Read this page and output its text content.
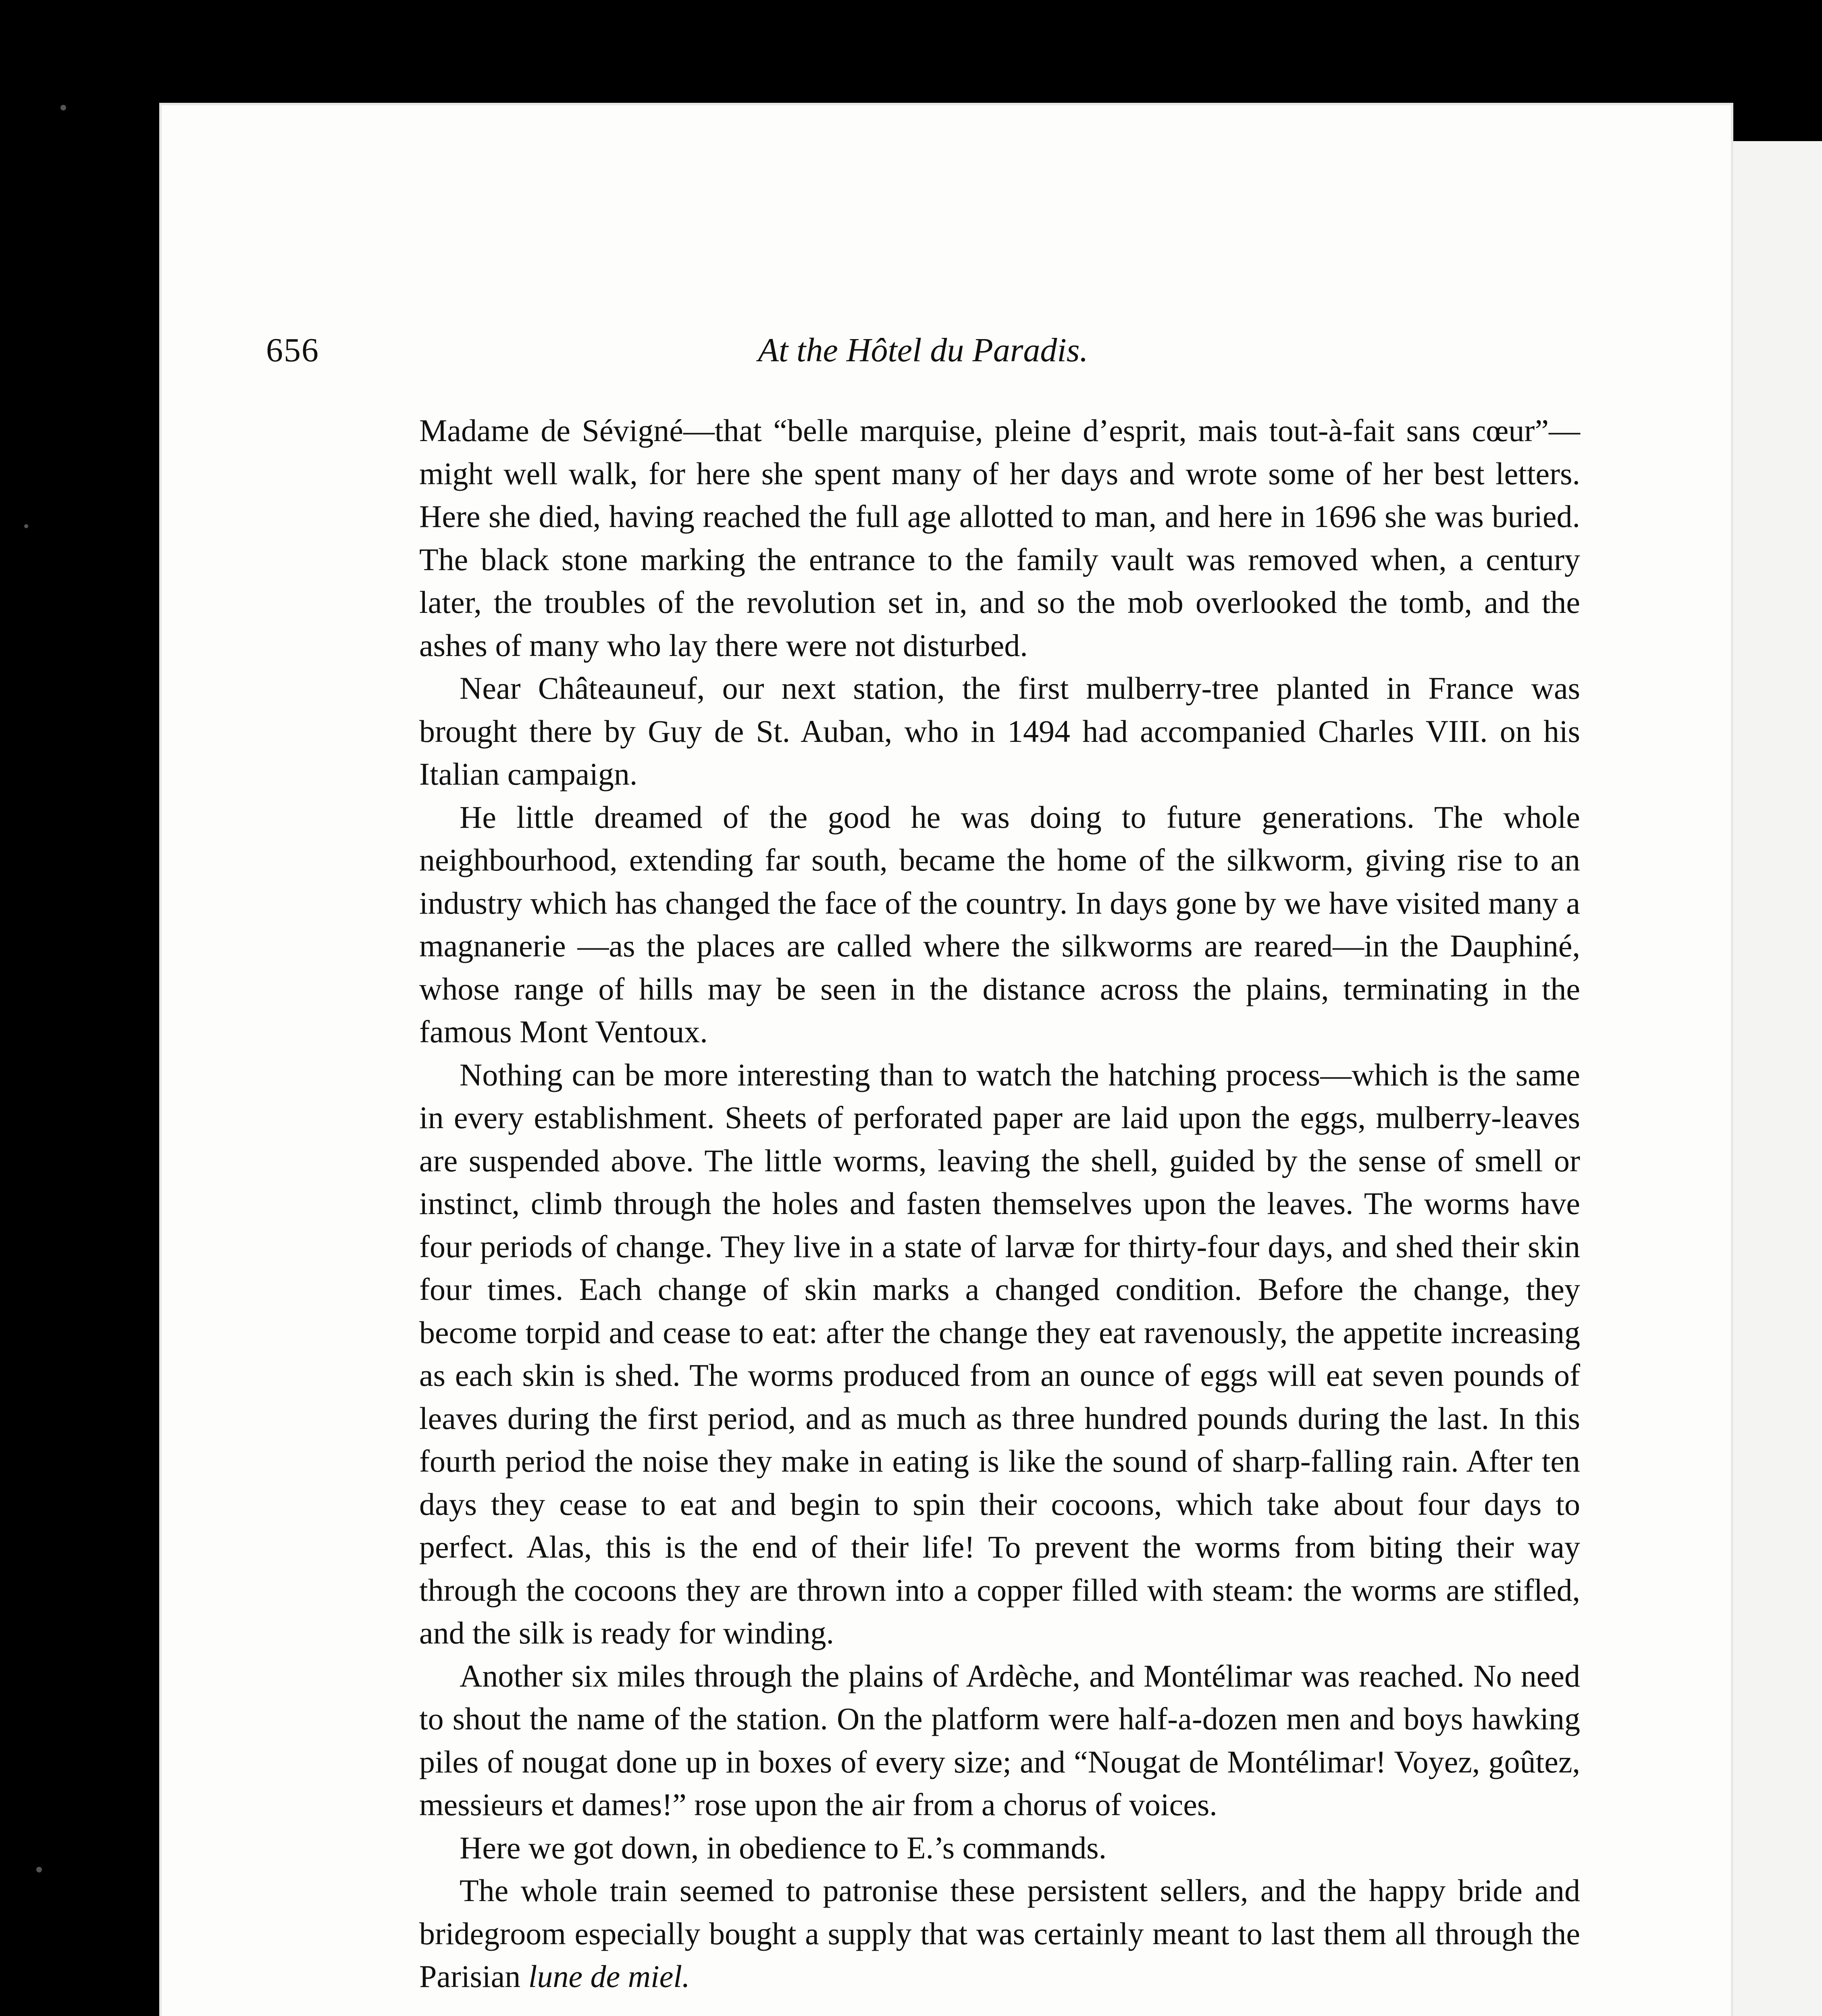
656	At the Hôtel du Paradis.

Madame de Sévigné—that “belle marquise, pleine d’esprit, mais tout-à-fait sans cœur”—might well walk, for here she spent many of her days and wrote some of her best letters. Here she died, having reached the full age allotted to man, and here in 1696 she was buried. The black stone marking the entrance to the family vault was removed when, a century later, the troubles of the revolution set in, and so the mob overlooked the tomb, and the ashes of many who lay there were not disturbed.

Near Châteauneuf, our next station, the first mulberry-tree planted in France was brought there by Guy de St. Auban, who in 1494 had accompanied Charles VIII. on his Italian campaign.

He little dreamed of the good he was doing to future generations. The whole neighbourhood, extending far south, became the home of the silkworm, giving rise to an industry which has changed the face of the country. In days gone by we have visited many a magnanerie —as the places are called where the silkworms are reared—in the Dauphiné, whose range of hills may be seen in the distance across the plains, terminating in the famous Mont Ventoux.

Nothing can be more interesting than to watch the hatching process—which is the same in every establishment. Sheets of perforated paper are laid upon the eggs, mulberry-leaves are suspended above. The little worms, leaving the shell, guided by the sense of smell or instinct, climb through the holes and fasten themselves upon the leaves. The worms have four periods of change. They live in a state of larvæ for thirty-four days, and shed their skin four times. Each change of skin marks a changed condition. Before the change, they become torpid and cease to eat: after the change they eat ravenously, the appetite increasing as each skin is shed. The worms produced from an ounce of eggs will eat seven pounds of leaves during the first period, and as much as three hundred pounds during the last. In this fourth period the noise they make in eating is like the sound of sharp-falling rain. After ten days they cease to eat and begin to spin their cocoons, which take about four days to perfect. Alas, this is the end of their life! To prevent the worms from biting their way through the cocoons they are thrown into a copper filled with steam: the worms are stifled, and the silk is ready for winding.

Another six miles through the plains of Ardèche, and Montélimar was reached. No need to shout the name of the station. On the platform were half-a-dozen men and boys hawking piles of nougat done up in boxes of every size; and “Nougat de Montélimar! Voyez, goûtez, messieurs et dames!” rose upon the air from a chorus of voices.

Here we got down, in obedience to E.’s commands.

The whole train seemed to patronise these persistent sellers, and the happy bride and bridegroom especially bought a supply that was certainly meant to last them all through the Parisian lune de miel.
